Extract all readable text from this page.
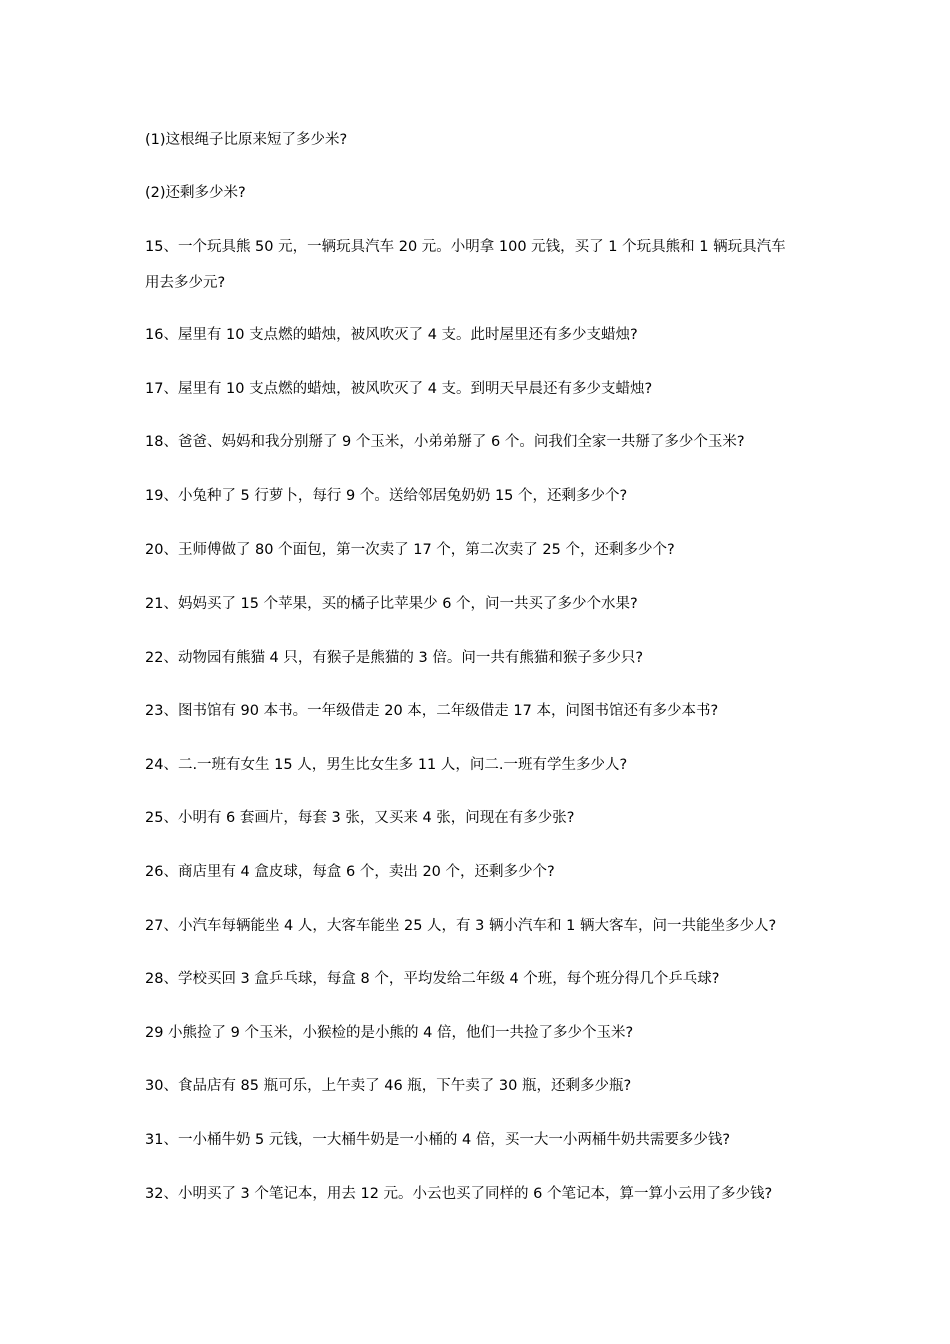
(1)这根绳子比原来短了多少米?
(2)还剩多少米?
15、一个玩具熊 50 元，一辆玩具汽车 20 元。小明拿 100 元钱，买了 1 个玩具熊和 1 辆玩具汽车
用去多少元?
16、屋里有 10 支点燃的蜡烛，被风吹灭了 4 支。此时屋里还有多少支蜡烛?
17、屋里有 10 支点燃的蜡烛，被风吹灭了 4 支。到明天早晨还有多少支蜡烛?
18、爸爸、妈妈和我分别掰了 9 个玉米，小弟弟掰了 6 个。问我们全家一共掰了多少个玉米?
19、小兔种了 5 行萝卜，每行 9 个。送给邻居兔奶奶 15 个，还剩多少个?
20、王师傅做了 80 个面包，第一次卖了 17 个，第二次卖了 25 个，还剩多少个?
21、妈妈买了 15 个苹果，买的橘子比苹果少 6 个，问一共买了多少个水果?
22、动物园有熊猫 4 只，有猴子是熊猫的 3 倍。问一共有熊猫和猴子多少只?
23、图书馆有 90 本书。一年级借走 20 本，二年级借走 17 本，问图书馆还有多少本书?
24、二.一班有女生 15 人，男生比女生多 11 人，问二.一班有学生多少人?
25、小明有 6 套画片，每套 3 张，又买来 4 张，问现在有多少张?
26、商店里有 4 盒皮球，每盒 6 个，卖出 20 个，还剩多少个?
27、小汽车每辆能坐 4 人，大客车能坐 25 人，有 3 辆小汽车和 1 辆大客车，问一共能坐多少人?
28、学校买回 3 盒乒乓球，每盒 8 个，平均发给二年级 4 个班，每个班分得几个乒乓球?
29 小熊捡了 9 个玉米，小猴检的是小熊的 4 倍，他们一共捡了多少个玉米?
30、食品店有 85 瓶可乐，上午卖了 46 瓶，下午卖了 30 瓶，还剩多少瓶?
31、一小桶牛奶 5 元钱，一大桶牛奶是一小桶的 4 倍，买一大一小两桶牛奶共需要多少钱?
32、小明买了 3 个笔记本，用去 12 元。小云也买了同样的 6 个笔记本，算一算小云用了多少钱?
